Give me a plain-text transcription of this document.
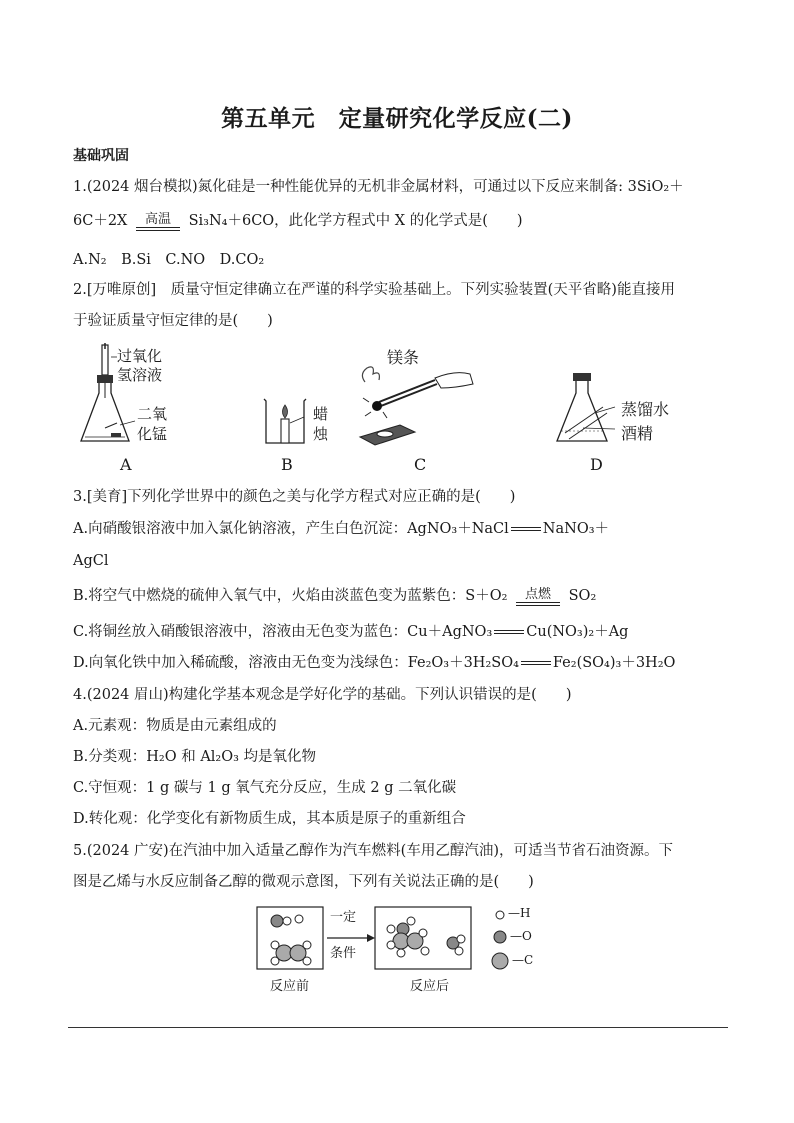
第五单元　定量研究化学反应(二)
基础巩固
1.(2024 烟台模拟)氮化硅是一种性能优异的无机非金属材料，可通过以下反应来制备: 3SiO₂＋
6C＋2X	高温	Si₃N₄＋6CO，此化学方程式中 X 的化学式是(　　)
A.N₂　B.Si　C.NO　D.CO₂
2.[万唯原创]　质量守恒定律确立在严谨的科学实验基础上。下列实验装置(天平省略)能直接用
于验证质量守恒定律的是(　　)
过氧化
氢溶液
二氧
化锰
A
蜡
烛
B
镁条
C
蒸馏水
酒精
D
3.[美育]下列化学世界中的颜色之美与化学方程式对应正确的是(　　)
A.向硝酸银溶液中加入氯化钠溶液，产生白色沉淀：AgNO₃＋NaCl NaNO₃＋
AgCl
B.将空气中燃烧的硫伸入氧气中，火焰由淡蓝色变为蓝紫色：S＋O₂	点燃	SO₂
C.将铜丝放入硝酸银溶液中，溶液由无色变为蓝色：Cu＋AgNO₃ Cu(NO₃)₂＋Ag
D.向氧化铁中加入稀硫酸，溶液由无色变为浅绿色：Fe₂O₃＋3H₂SO₄ Fe₂(SO₄)₃＋3H₂O
4.(2024 眉山)构建化学基本观念是学好化学的基础。下列认识错误的是(　　)
A.元素观：物质是由元素组成的
B.分类观：H₂O 和 Al₂O₃ 均是氧化物
C.守恒观：1 g 碳与 1 g 氧气充分反应，生成 2 g 二氧化碳
D.转化观：化学变化有新物质生成，其本质是原子的重新组合
5.(2024 广安)在汽油中加入适量乙醇作为汽车燃料(车用乙醇汽油)，可适当节省石油资源。下
图是乙烯与水反应制备乙醇的微观示意图，下列有关说法正确的是(　　)
一定
条件
反应前	反应后
—H
—O
—C
